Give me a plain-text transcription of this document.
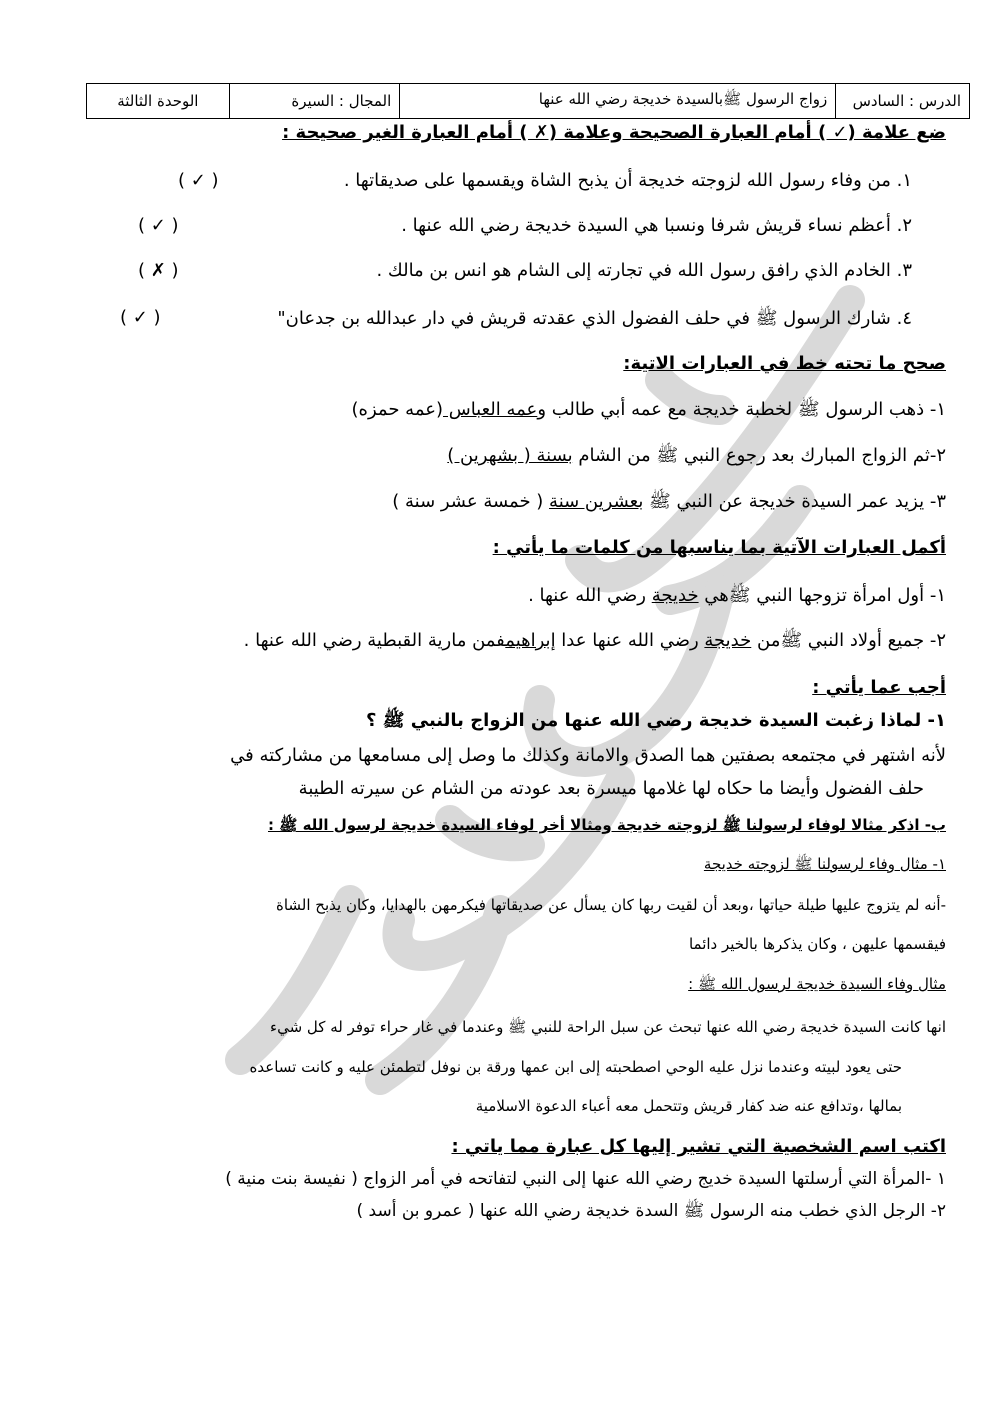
الدرس : السادس
زواج الرسول ﷺبالسيدة خديجة رضي الله عنها
المجال : السيرة
الوحدة الثالثة
ضع علامة (✓ ) أمام العبارة الصحيحة وعلامة (✗ ) أمام العبارة الغير صحيحة :
١. من وفاء رسول الله لزوجته خديجة أن يذبح الشاة ويقسمها على صديقاتها .
( ✓ )
٢. أعظم نساء قريش شرفا ونسبا هي السيدة خديجة رضي الله عنها .
( ✓ )
٣. الخادم الذي رافق رسول الله في تجارته إلى الشام هو انس بن مالك .
( ✗ )
٤. شارك الرسول ﷺ في حلف الفضول الذي عقدته قريش في دار عبدالله بن جدعان"
( ✓ )
صحح ما تحته خط في العبارات الاتية:
١- ذهب الرسول ﷺ لخطبة خديجة مع عمه أبي طالب وعمه العباس (عمه حمزه)
٢-ثم الزواج المبارك بعد رجوع النبي ﷺ من الشام بسنة ( بشهرين )
٣- يزيد عمر السيدة خديجة عن النبي ﷺ بعشرين سنة ( خمسة عشر سنة )
أكمل العبارات الآتية بما يناسبها من كلمات ما يأتي :
١- أول امرأة تزوجها النبي ﷺهي خديجة رضي الله عنها .
٢- جميع أولاد النبي ﷺمن خديجة رضي الله عنها عدا إبراهيمفمن مارية القبطية رضي الله عنها .
أجب عما يأتي :
١- لماذا زغبت السيدة خديجة رضي الله عنها من الزواج بالنبي ﷺ ؟
لأنه اشتهر في مجتمعه بصفتين هما الصدق والامانة وكذلك ما وصل إلى مسامعها من مشاركته في
حلف الفضول وأيضا ما حكاه لها غلامها ميسرة بعد عودته من الشام عن سيرته الطيبة
ب- اذكر مثالا لوفاء لرسولنا ﷺ لزوجته خديجة ومثالا أخر لوفاء السيدة خديجة لرسول الله ﷺ :
١- مثال وفاء لرسولنا ﷺ لزوجته خديجة
-أنه لم يتزوج عليها طيلة حياتها ،وبعد أن لقيت ربها كان يسأل عن صديقاتها فيكرمهن بالهدايا، وكان يذبح الشاة
فيقسمها عليهن ، وكان يذكرها بالخير دائما
مثال وفاء السيدة خديجة لرسول الله ﷺ :
انها كانت السيدة خديجة رضي الله عنها تبحث عن سبل الراحة للنبي ﷺ وعندما في غار حراء توفر له كل شيء
حتى يعود لبيته وعندما نزل عليه الوحي اصطحبته إلى ابن عمها ورقة بن نوفل لتطمئن عليه و كانت تساعده
بمالها ،وتدافع عنه ضد كفار قريش وتتحمل معه أعباء الدعوة الاسلامية
اكتب اسم الشخصية التي تشير إليها كل عبارة مما ياتي :
١ -المرأة التي أرسلتها السيدة خديج رضي الله عنها إلى النبي لتفاتحه في أمر الزواج ( نفيسة بنت منية )
٢- الرجل الذي خطب منه الرسول ﷺ السدة خديجة رضي الله عنها ( عمرو بن أسد )
